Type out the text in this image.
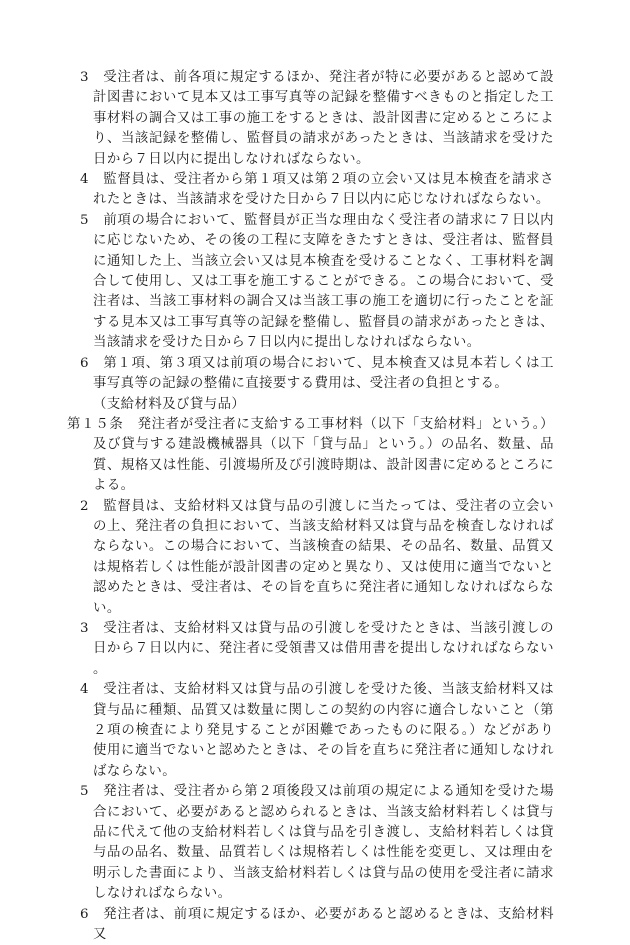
3　受注者は、前各項に規定するほか、発注者が特に必要があると認めて設計図書において見本又は工事写真等の記録を整備すべきものと指定した工事材料の調合又は工事の施工をするときは、設計図書に定めるところにより、当該記録を整備し、監督員の請求があったときは、当該請求を受けた日から７日以内に提出しなければならない。

4　監督員は、受注者から第１項又は第２項の立会い又は見本検査を請求されたときは、当該請求を受けた日から７日以内に応じなければならない。

5　前項の場合において、監督員が正当な理由なく受注者の請求に７日以内に応じないため、その後の工程に支障をきたすときは、受注者は、監督員に通知した上、当該立会い又は見本検査を受けることなく、工事材料を調合して使用し、又は工事を施工することができる。この場合において、受注者は、当該工事材料の調合又は当該工事の施工を適切に行ったことを証する見本又は工事写真等の記録を整備し、監督員の請求があったときは、当該請求を受けた日から７日以内に提出しなければならない。

6　第１項、第３項又は前項の場合において、見本検査又は見本若しくは工事写真等の記録の整備に直接要する費用は、受注者の負担とする。

（支給材料及び貸与品）

第１５条　発注者が受注者に支給する工事材料（以下「支給材料」という。）及び貸与する建設機械器具（以下「貸与品」という。）の品名、数量、品質、規格又は性能、引渡場所及び引渡時期は、設計図書に定めるところによる。

2　監督員は、支給材料又は貸与品の引渡しに当たっては、受注者の立会いの上、発注者の負担において、当該支給材料又は貸与品を検査しなければならない。この場合において、当該検査の結果、その品名、数量、品質又は規格若しくは性能が設計図書の定めと異なり、又は使用に適当でないと認めたときは、受注者は、その旨を直ちに発注者に通知しなければならない。

3　受注者は、支給材料又は貸与品の引渡しを受けたときは、当該引渡しの日から７日以内に、発注者に受領書又は借用書を提出しなければならない。

4　受注者は、支給材料又は貸与品の引渡しを受けた後、当該支給材料又は貸与品に種類、品質又は数量に関しこの契約の内容に適合しないこと（第２項の検査により発見することが困難であったものに限る。）などがあり使用に適当でないと認めたときは、その旨を直ちに発注者に通知しなければならない。

5　発注者は、受注者から第２項後段又は前項の規定による通知を受けた場合において、必要があると認められるときは、当該支給材料若しくは貸与品に代えて他の支給材料若しくは貸与品を引き渡し、支給材料若しくは貸与品の品名、数量、品質若しくは規格若しくは性能を変更し、又は理由を明示した書面により、当該支給材料若しくは貸与品の使用を受注者に請求しなければならない。

6　発注者は、前項に規定するほか、必要があると認めるときは、支給材料又
